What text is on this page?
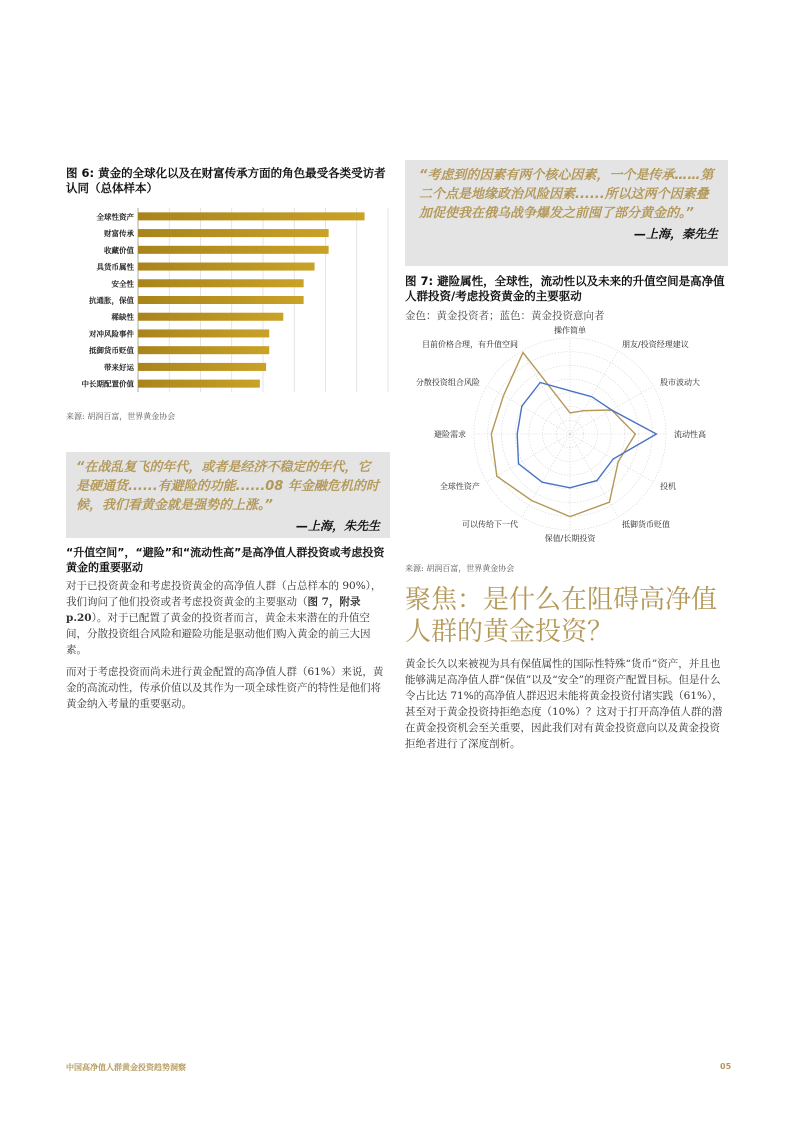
图 6: 黄金的全球化以及在财富传承方面的角色最受各类受访者认同（总体样本）
全球性资产
财富传承
收藏价值
具货币属性
安全性
抗通胀，保值
稀缺性
对冲风险事件
抵御货币贬值
带来好运
中长期配置价值
来源: 胡润百富，世界黄金协会

“在战乱复飞的年代，或者是经济不稳定的年代，它是硬通货......有避险的功能......08 年金融危机的时候，我们看黄金就是强势的上涨。”

—上海，朱先生

“升值空间”，“避险”和“流动性高”是高净值人群投资或考虑投资黄金的重要驱动

对于已投资黄金和考虑投资黄金的高净值人群（占总样本的 90%），我们询问了他们投资或者考虑投资黄金的主要驱动（图 7，附录 p.20）。对于已配置了黄金的投资者而言，黄金未来潜在的升值空间，分散投资组合风险和避险功能是驱动他们购入黄金的前三大因素。

而对于考虑投资而尚未进行黄金配置的高净值人群（61%）来说，黄金的高流动性，传承价值以及其作为一项全球性资产的特性是他们将黄金纳入考量的重要驱动。

“考虑到的因素有两个核心因素，一个是传承……第二个点是地缘政治风险因素......所以这两个因素叠加促使我在俄乌战争爆发之前囤了部分黄金的。”

—上海，秦先生
图 7: 避险属性，全球性，流动性以及未来的升值空间是高净值人群投资/考虑投资黄金的主要驱动
金色：黄金投资者；蓝色：黄金投资意向者
操作简单
朋友/投资经理建议
股市波动大
流动性高
投机
抵御货币贬值
保值/长期投资
可以传给下一代
全球性资产
避险需求
分散投资组合风险
目前价格合理，有升值空间
来源: 胡润百富，世界黄金协会
聚焦：是什么在阻碍高净值人群的黄金投资？

黄金长久以来被视为具有保值属性的国际性特殊“货币”资产，并且也能够满足高净值人群“保值”以及“安全”的理资产配置目标。但是什么令占比达 71%的高净值人群迟迟未能将黄金投资付诸实践（61%），甚至对于黄金投资持拒绝态度（10%）？这对于打开高净值人群的潜在黄金投资机会至关重要，因此我们对有黄金投资意向以及黄金投资拒绝者进行了深度剖析。

中国高净值人群黄金投资趋势洞察	05
